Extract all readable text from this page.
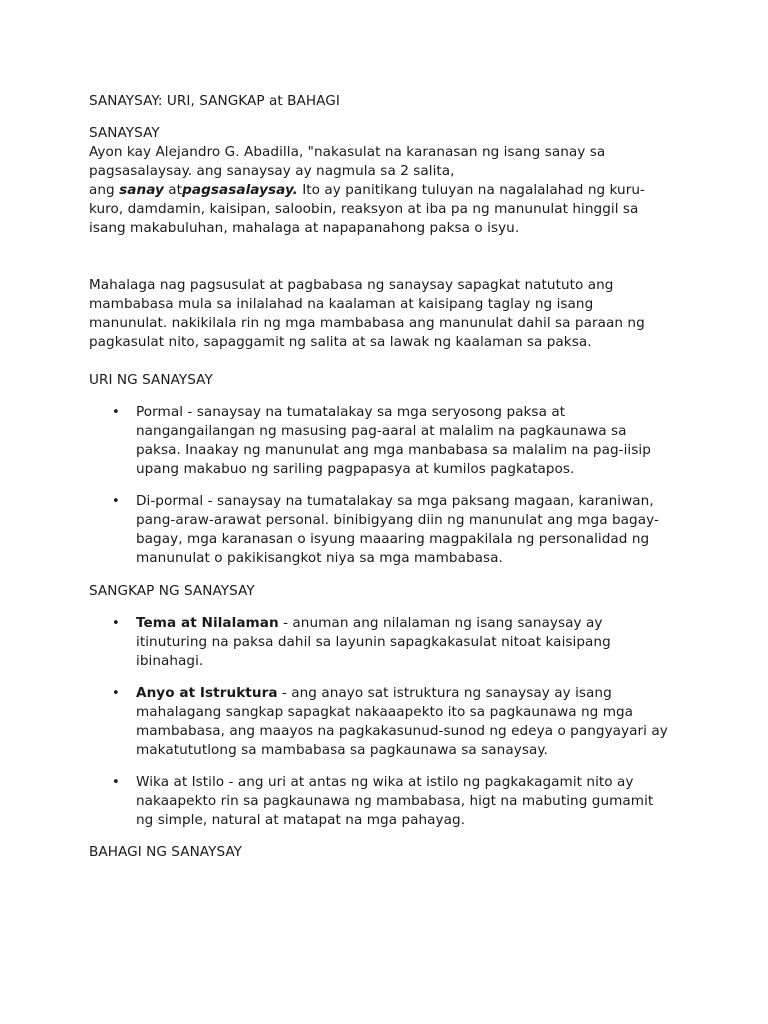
SANAYSAY: URI, SANGKAP at BAHAGI
SANAYSAY
Ayon kay Alejandro G. Abadilla, "nakasulat na karanasan ng isang sanay sa
pagsasalaysay. ang sanaysay ay nagmula sa 2 salita,
ang sanay atpagsasalaysay. Ito ay panitikang tuluyan na nagalalahad ng kuru-
kuro, damdamin, kaisipan, saloobin, reaksyon at iba pa ng manunulat hinggil sa
isang makabuluhan, mahalaga at napapanahong paksa o isyu.
Mahalaga nag pagsusulat at pagbabasa ng sanaysay sapagkat natututo ang
mambabasa mula sa inilalahad na kaalaman at kaisipang taglay ng isang
manunulat. nakikilala rin ng mga mambabasa ang manunulat dahil sa paraan ng
pagkasulat nito, sapaggamit ng salita at sa lawak ng kaalaman sa paksa.
URI NG SANAYSAY
• Pormal - sanaysay na tumatalakay sa mga seryosong paksa at
nangangailangan ng masusing pag-aaral at malalim na pagkaunawa sa
paksa. Inaakay ng manunulat ang mga manbabasa sa malalim na pag-iisip
upang makabuo ng sariling pagpapasya at kumilos pagkatapos.
• Di-pormal - sanaysay na tumatalakay sa mga paksang magaan, karaniwan,
pang-araw-arawat personal. binibigyang diin ng manunulat ang mga bagay-
bagay, mga karanasan o isyung maaaring magpakilala ng personalidad ng
manunulat o pakikisangkot niya sa mga mambabasa.
SANGKAP NG SANAYSAY
• Tema at Nilalaman - anuman ang nilalaman ng isang sanaysay ay
itinuturing na paksa dahil sa layunin sapagkakasulat nitoat kaisipang
ibinahagi.
• Anyo at Istruktura - ang anayo sat istruktura ng sanaysay ay isang
mahalagang sangkap sapagkat nakaaapekto ito sa pagkaunawa ng mga
mambabasa, ang maayos na pagkakasunud-sunod ng edeya o pangyayari ay
makatututlong sa mambabasa sa pagkaunawa sa sanaysay.
• Wika at Istilo - ang uri at antas ng wika at istilo ng pagkakagamit nito ay
nakaapekto rin sa pagkaunawa ng mambabasa, higt na mabuting gumamit
ng simple, natural at matapat na mga pahayag.
BAHAGI NG SANAYSAY
